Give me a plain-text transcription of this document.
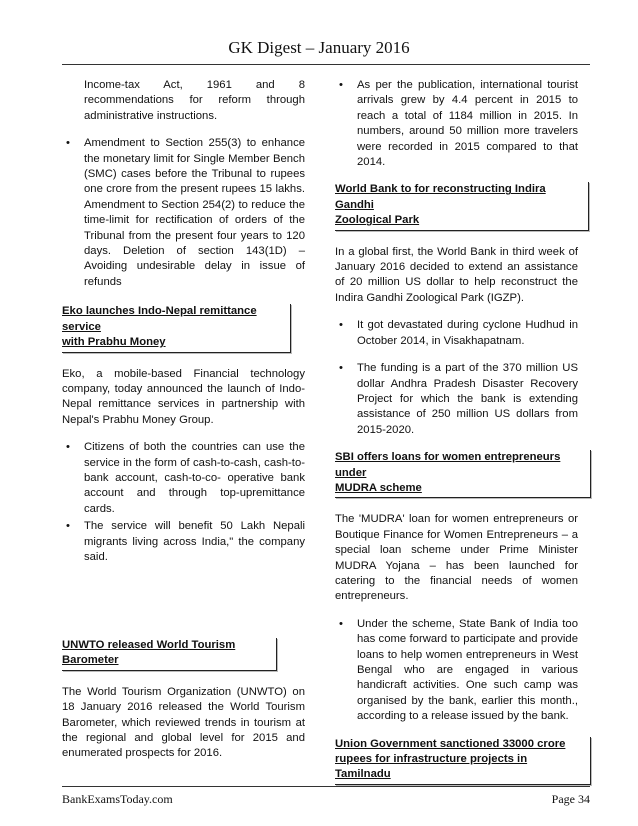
GK Digest – January 2016

Income-tax Act, 1961 and 8 recommendations for reform through administrative instructions.

• Amendment to Section 255(3) to enhance the monetary limit for Single Member Bench (SMC) cases before the Tribunal to rupees one crore from the present rupees 15 lakhs. Amendment to Section 254(2) to reduce the time-limit for rectification of orders of the Tribunal from the present four years to 120 days. Deletion of section 143(1D) – Avoiding undesirable delay in issue of refunds

Eko launches Indo-Nepal remittance service
with Prabhu Money

Eko, a mobile-based Financial technology company, today announced the launch of Indo-Nepal remittance services in partnership with Nepal's Prabhu Money Group.

• Citizens of both the countries can use the service in the form of cash-to-cash, cash-to-bank account, cash-to-co- operative bank account and through top-upremittance cards.

• The service will benefit 50 Lakh Nepali migrants living across India," the company said.

UNWTO released World Tourism Barometer

The World Tourism Organization (UNWTO) on 18 January 2016 released the World Tourism Barometer, which reviewed trends in tourism at the regional and global level for 2015 and enumerated prospects for 2016.

• As per the publication, international tourist arrivals grew by 4.4 percent in 2015 to reach a total of 1184 million in 2015. In numbers, around 50 million more travelers were recorded in 2015 compared to that 2014.

World Bank to for reconstructing Indira Gandhi
Zoological Park

In a global first, the World Bank in third week of January 2016 decided to extend an assistance of 20 million US dollar to help reconstruct the Indira Gandhi Zoological Park (IGZP).

• It got devastated during cyclone Hudhud in October 2014, in Visakhapatnam.

• The funding is a part of the 370 million US dollar Andhra Pradesh Disaster Recovery Project for which the bank is extending assistance of 250 million US dollars from 2015-2020.

SBI offers loans for women entrepreneurs under
MUDRA scheme

The 'MUDRA' loan for women entrepreneurs or Boutique Finance for Women Entrepreneurs – a special loan scheme under Prime Minister MUDRA Yojana – has been launched for catering to the financial needs of women entrepreneurs.

• Under the scheme, State Bank of India too has come forward to participate and provide loans to help women entrepreneurs in West Bengal who are engaged in various handicraft activities. One such camp was organised by the bank, earlier this month., according to a release issued by the bank.

Union Government sanctioned 33000 crore
rupees for infrastructure projects in Tamilnadu

BankExamsToday.com	Page 34
